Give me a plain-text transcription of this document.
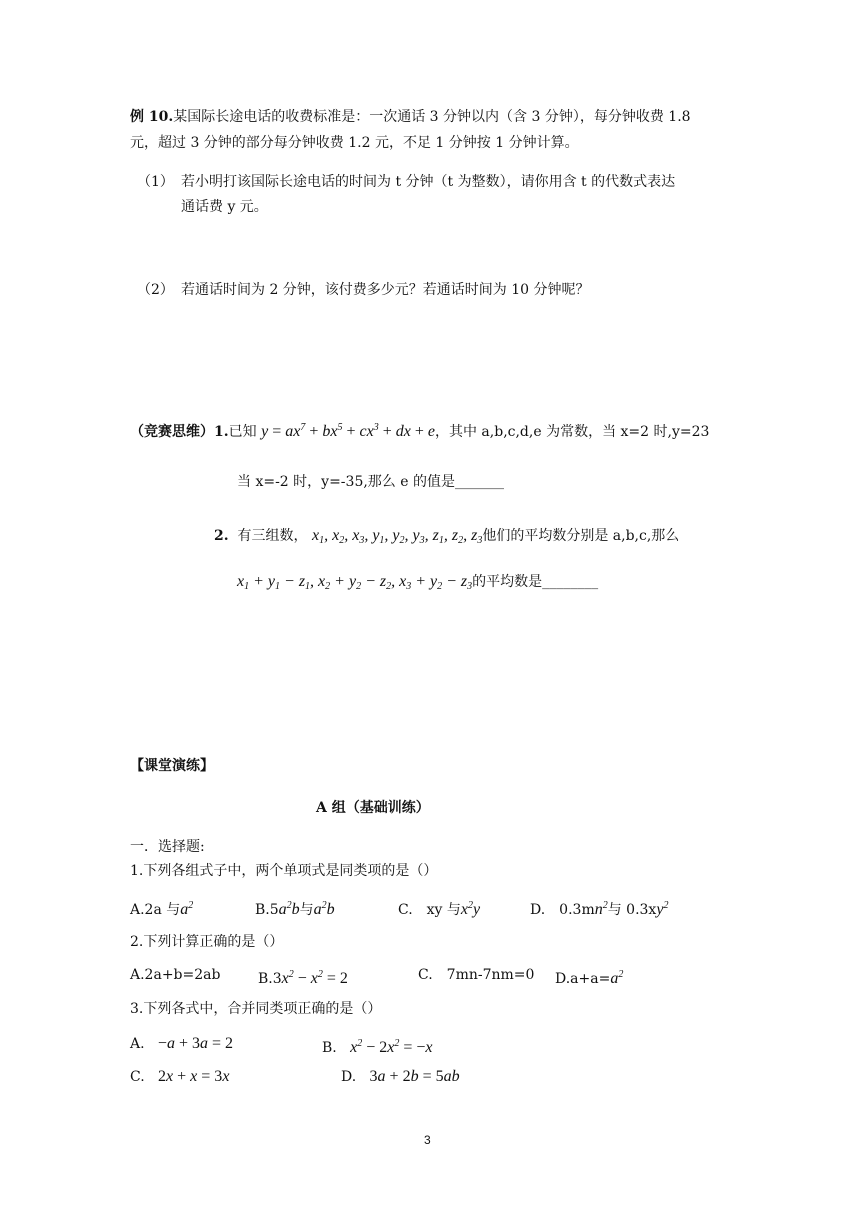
例 10.某国际长途电话的收费标准是：一次通话 3 分钟以内（含 3 分钟），每分钟收费 1.8
元，超过 3 分钟的部分每分钟收费 1.2 元，不足 1 分钟按 1 分钟计算。
（1） 若小明打该国际长途电话的时间为 t 分钟（t 为整数），请你用含 t 的代数式表达
通话费 y 元。
（2） 若通话时间为 2 分钟，该付费多少元？若通话时间为 10 分钟呢？
（竞赛思维）1.已知 $y = ax^7 + bx^5 + cx^3$ + dx + e，其中 a,b,c,d,e 为常数，当 x=2 时,y=23
当 x=-2 时，y=-35,那么 e 的值是_______
2. 有三组数， $x_1$, $x_2$, $x_3$, $y_1$, $y_2$, $y_3$, $z_1$, $z_2$, $z_3$他们的平均数分别是 a,b,c,那么
$x_1 + y_1 - z_1$, $x_2 + y_2 - z_2$, $x_3 + y_2 - z_3$的平均数是________
【课堂演练】
A 组（基础训练）
一．选择题:
1.下列各组式子中，两个单项式是同类项的是（）
A.2a 与$a^2$	$B.5a^2b$与$a^2b$	C.　xy 与$x^2y$	D.　$0.3mn^2$与 $0.3xy^2$
2.下列计算正确的是（）
A.2a+b=2ab	$B.3x^2 - x^2 = 2$	C.　7mn-7nm=0 $D.a+a=a^2$
3.下列各式中，合并同类项正确的是（）
A. −a + 3a = 2	B. $x^2 - 2x^2 = -x$
C. 2x + x = 3x	D. 3a + 2b = 5ab
3
